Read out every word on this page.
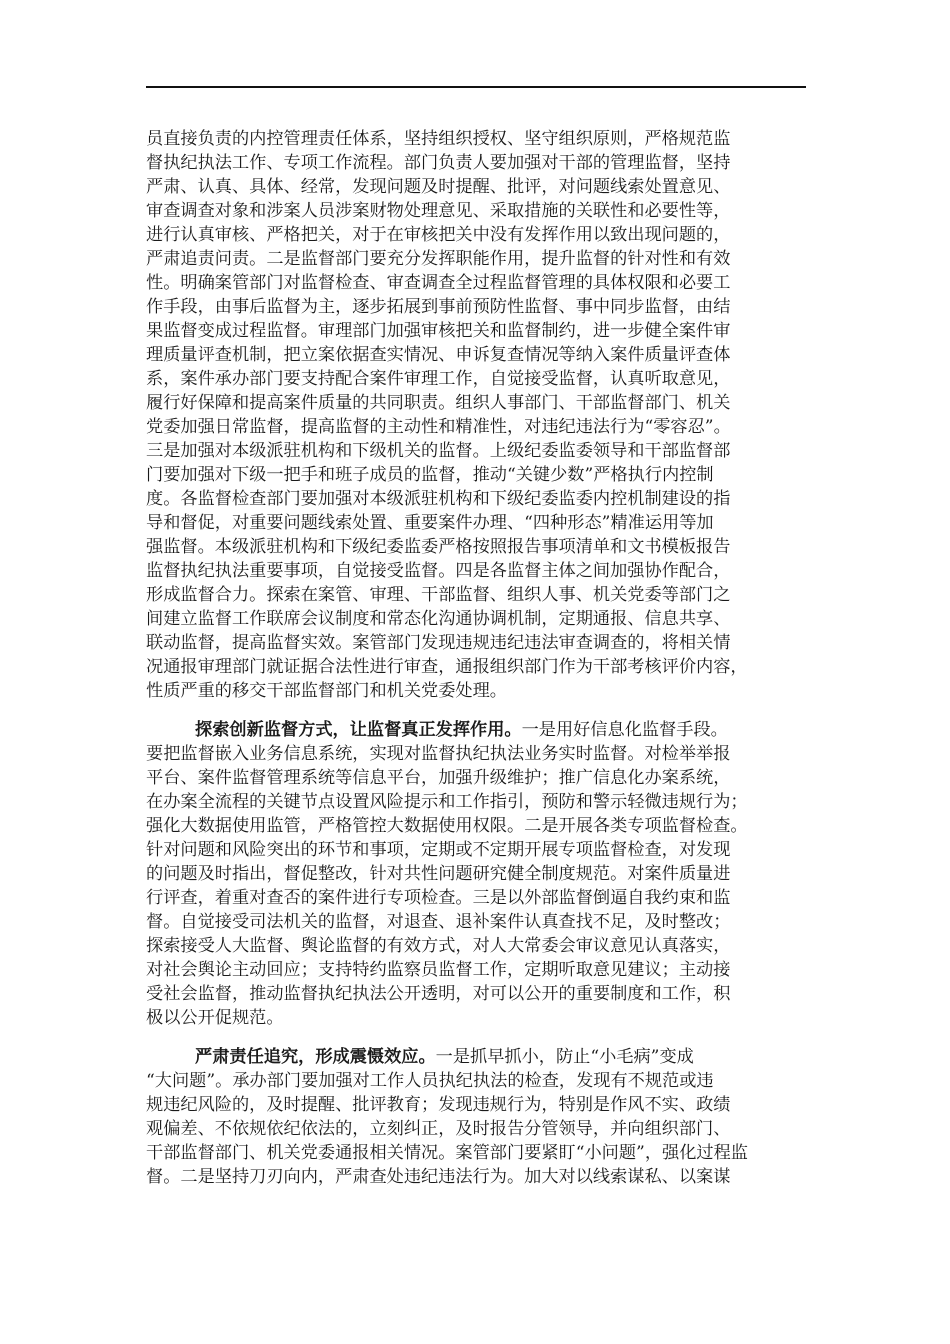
员直接负责的内控管理责任体系，坚持组织授权、坚守组织原则，严格规范监
督执纪执法工作、专项工作流程。部门负责人要加强对干部的管理监督，坚持
严肃、认真、具体、经常，发现问题及时提醒、批评，对问题线索处置意见、
审查调查对象和涉案人员涉案财物处理意见、采取措施的关联性和必要性等，
进行认真审核、严格把关，对于在审核把关中没有发挥作用以致出现问题的，
严肃追责问责。二是监督部门要充分发挥职能作用，提升监督的针对性和有效
性。明确案管部门对监督检查、审查调查全过程监督管理的具体权限和必要工
作手段，由事后监督为主，逐步拓展到事前预防性监督、事中同步监督，由结
果监督变成过程监督。审理部门加强审核把关和监督制约，进一步健全案件审
理质量评查机制，把立案依据查实情况、申诉复查情况等纳入案件质量评查体
系，案件承办部门要支持配合案件审理工作，自觉接受监督，认真听取意见，
履行好保障和提高案件质量的共同职责。组织人事部门、干部监督部门、机关
党委加强日常监督，提高监督的主动性和精准性，对违纪违法行为“零容忍”。
三是加强对本级派驻机构和下级机关的监督。上级纪委监委领导和干部监督部
门要加强对下级一把手和班子成员的监督，推动“关键少数”严格执行内控制
度。各监督检查部门要加强对本级派驻机构和下级纪委监委内控机制建设的指
导和督促，对重要问题线索处置、重要案件办理、“四种形态”精准运用等加
强监督。本级派驻机构和下级纪委监委严格按照报告事项清单和文书模板报告
监督执纪执法重要事项，自觉接受监督。四是各监督主体之间加强协作配合，
形成监督合力。探索在案管、审理、干部监督、组织人事、机关党委等部门之
间建立监督工作联席会议制度和常态化沟通协调机制，定期通报、信息共享、
联动监督，提高监督实效。案管部门发现违规违纪违法审查调查的，将相关情
况通报审理部门就证据合法性进行审查，通报组织部门作为干部考核评价内容，
性质严重的移交干部监督部门和机关党委处理。
探索创新监督方式，让监督真正发挥作用。一是用好信息化监督手段。
要把监督嵌入业务信息系统，实现对监督执纪执法业务实时监督。对检举举报
平台、案件监督管理系统等信息平台，加强升级维护；推广信息化办案系统，
在办案全流程的关键节点设置风险提示和工作指引，预防和警示轻微违规行为；
强化大数据使用监管，严格管控大数据使用权限。二是开展各类专项监督检查。
针对问题和风险突出的环节和事项，定期或不定期开展专项监督检查，对发现
的问题及时指出，督促整改，针对共性问题研究健全制度规范。对案件质量进
行评查，着重对查否的案件进行专项检查。三是以外部监督倒逼自我约束和监
督。自觉接受司法机关的监督，对退查、退补案件认真查找不足，及时整改；
探索接受人大监督、舆论监督的有效方式，对人大常委会审议意见认真落实，
对社会舆论主动回应；支持特约监察员监督工作，定期听取意见建议；主动接
受社会监督，推动监督执纪执法公开透明，对可以公开的重要制度和工作，积
极以公开促规范。
严肃责任追究，形成震慑效应。一是抓早抓小，防止“小毛病”变成
“大问题”。承办部门要加强对工作人员执纪执法的检查，发现有不规范或违
规违纪风险的，及时提醒、批评教育；发现违规行为，特别是作风不实、政绩
观偏差、不依规依纪依法的，立刻纠正，及时报告分管领导，并向组织部门、
干部监督部门、机关党委通报相关情况。案管部门要紧盯“小问题”，强化过程监
督。二是坚持刀刃向内，严肃查处违纪违法行为。加大对以线索谋私、以案谋
